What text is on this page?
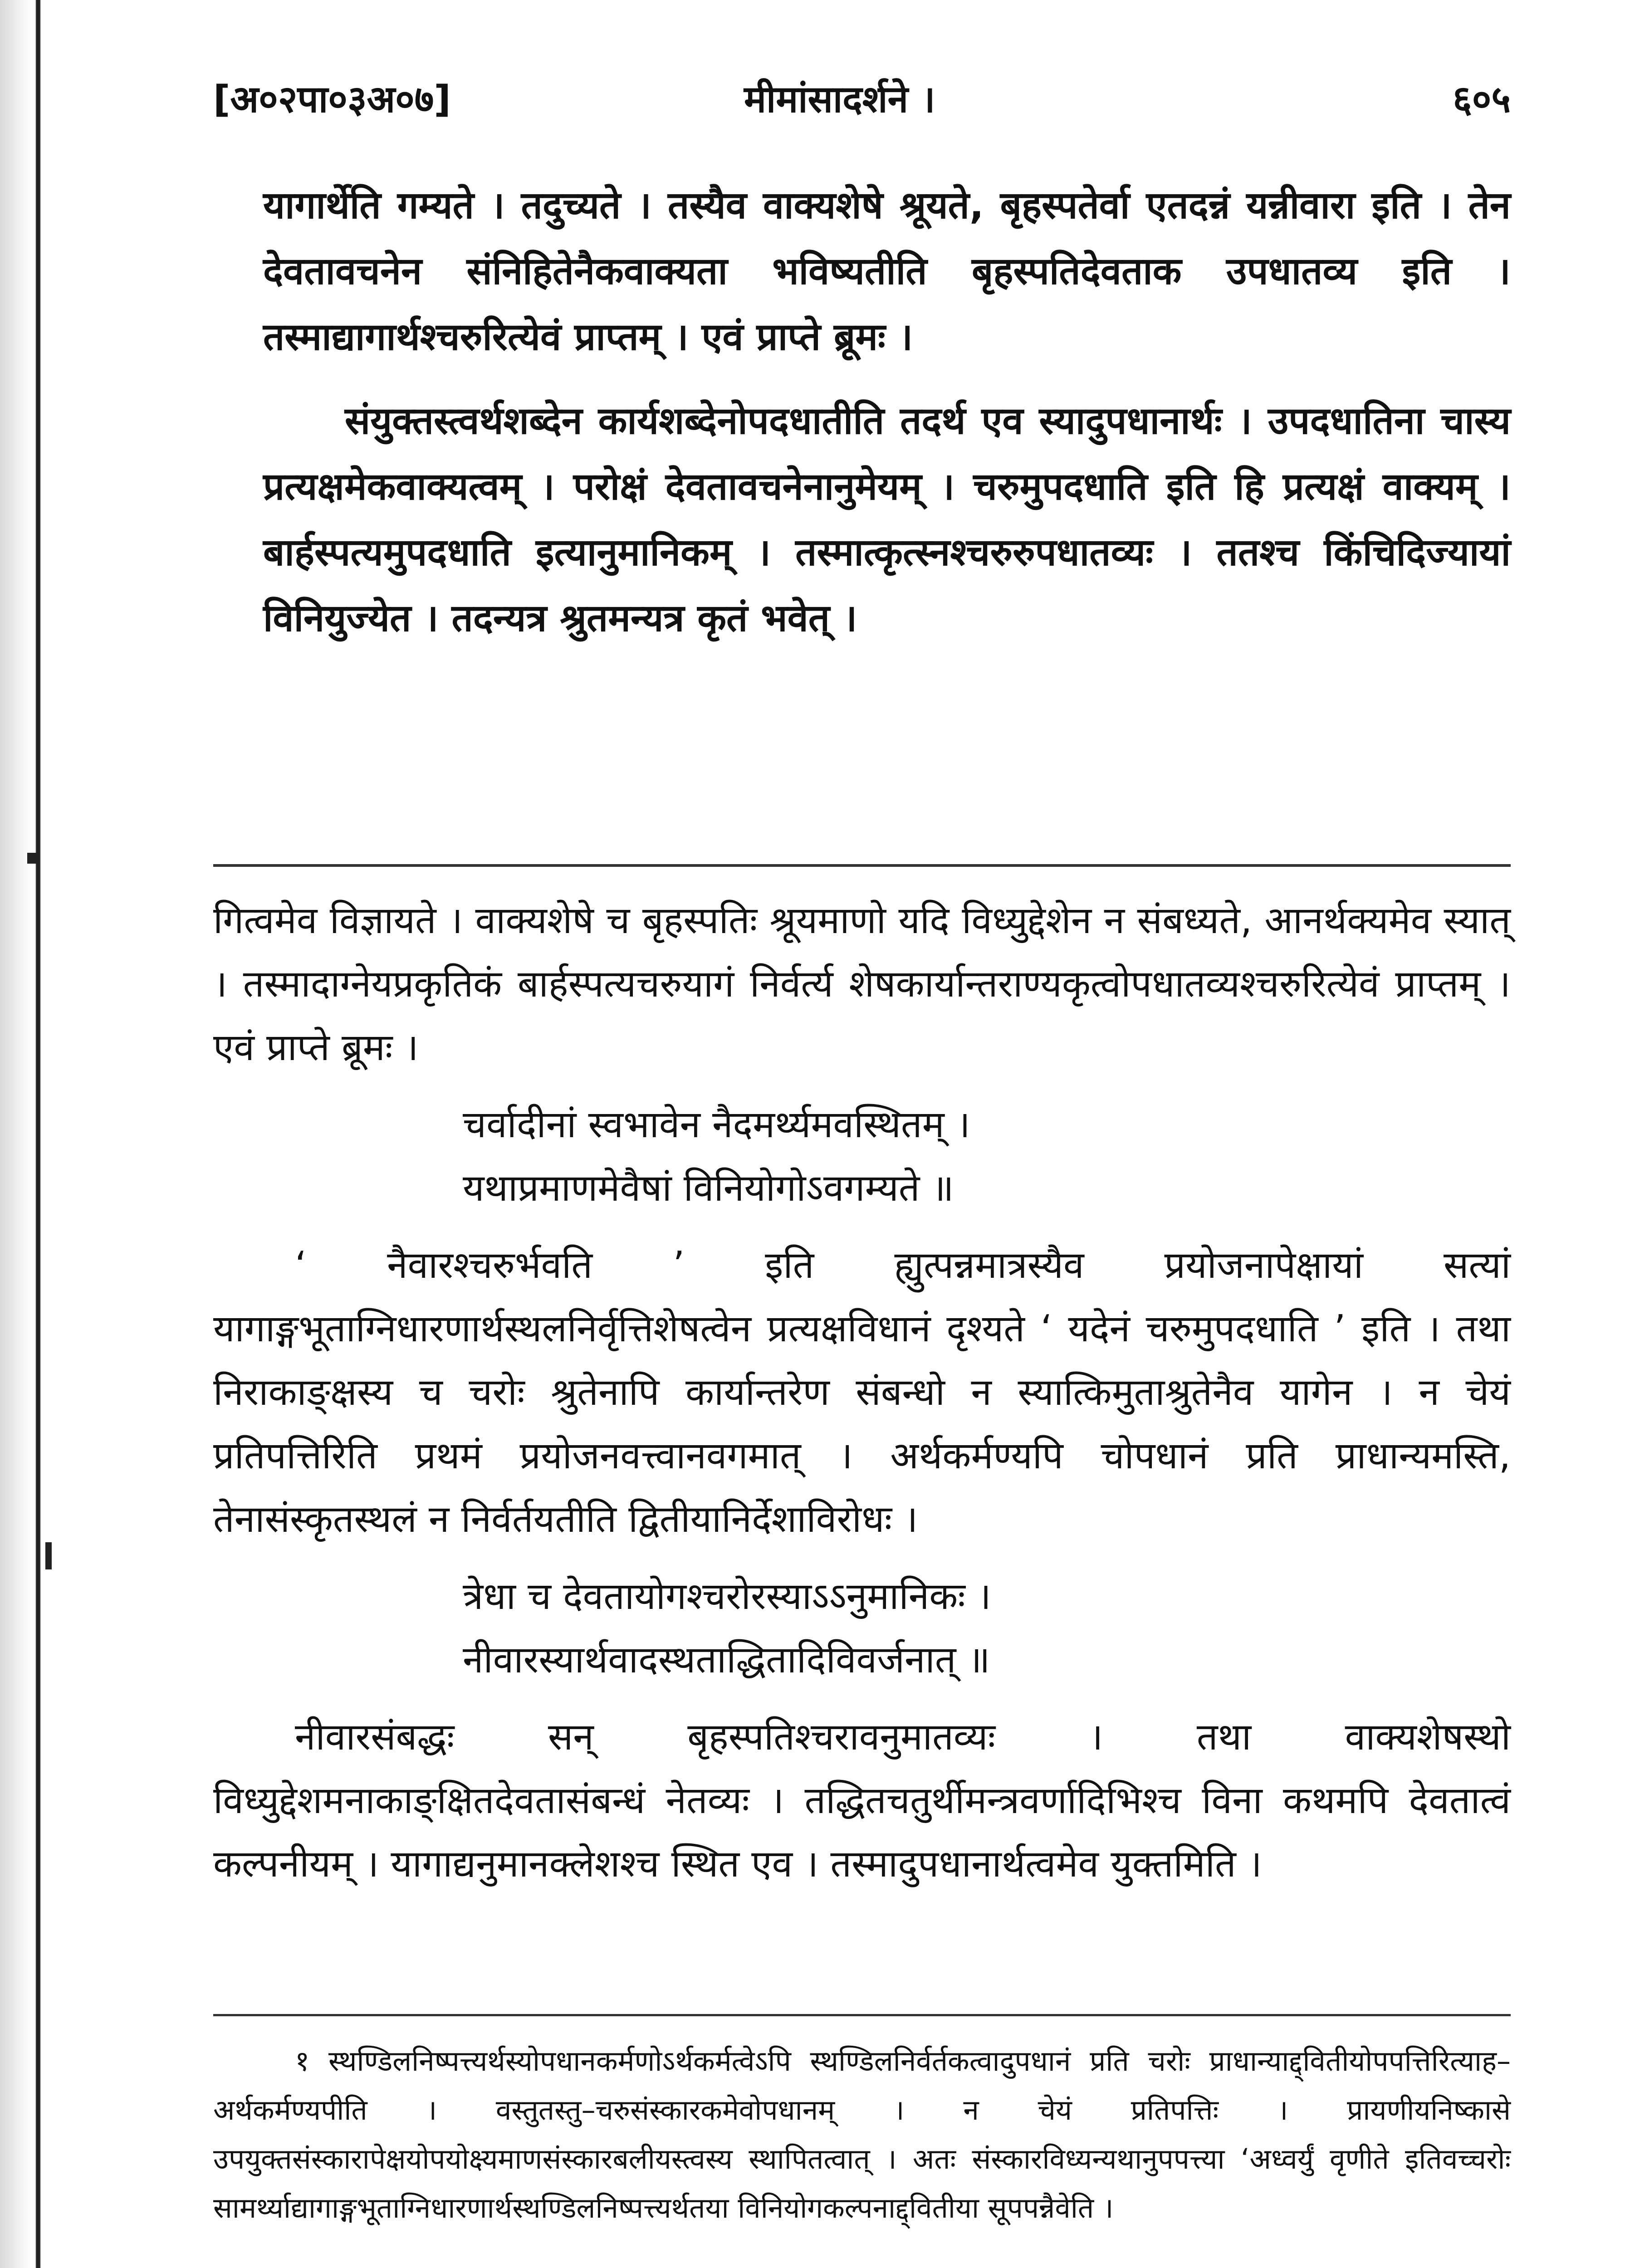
[अ०२पा०३अ०७]	मीमांसादर्शने ।	६०५

यागार्थेति गम्यते । तदुच्यते । तस्यैव वाक्यशेषे श्रूयते, बृहस्पतेर्वा एतदन्नं यन्नीवारा इति । तेन देवतावचनेन संनिहितेनैकवाक्यता भविष्यतीति बृहस्पतिदेवताक उपधातव्य इति । तस्माद्यागार्थश्चरुरित्येवं प्राप्तम् । एवं प्राप्ते ब्रूमः ।

संयुक्तस्त्वर्थशब्देन कार्यशब्देनोपदधातीति तदर्थ एव स्यादुपधानार्थः । उपदधातिना चास्य प्रत्यक्षमेकवाक्यत्वम् । परोक्षं देवतावचनेनानुमेयम् । चरुमुपदधाति इति हि प्रत्यक्षं वाक्यम् । बार्हस्पत्यमुपदधाति इत्यानुमानिकम् । तस्मात्कृत्स्नश्चरुरुपधातव्यः । ततश्च किंचिदिज्यायां विनियुज्येत । तदन्यत्र श्रुतमन्यत्र कृतं भवेत् ।

गित्वमेव विज्ञायते । वाक्यशेषे च बृहस्पतिः श्रूयमाणो यदि विध्युद्देशेन न संबध्यते, आनर्थक्यमेव स्यात् । तस्मादाग्नेयप्रकृतिकं बार्हस्पत्यचरुयागं निर्वर्त्य शेषकार्यान्तराण्यकृत्वोपधातव्यश्चरुरित्येवं प्राप्तम् । एवं प्राप्ते ब्रूमः ।

चर्वादीनां स्वभावेन नैदमर्थ्यमवस्थितम् ।

यथाप्रमाणमेवैषां विनियोगोऽवगम्यते ॥

‘ नैवारश्चरुर्भवति ’ इति ह्युत्पन्नमात्रस्यैव प्रयोजनापेक्षायां सत्यां यागाङ्गभूताग्निधारणार्थस्थलनिर्वृत्तिशेषत्वेन प्रत्यक्षविधानं दृश्यते ‘ यदेनं चरुमुपदधाति ’ इति । तथा निराकाङ्क्षस्य च चरोः श्रुतेनापि कार्यान्तरेण संबन्धो न स्यात्किमुताश्रुतेनैव यागेन । न चेयं प्रतिपत्तिरिति प्रथमं प्रयोजनवत्त्वानवगमात् । अर्थकर्मण्यपि चोपधानं प्रति प्राधान्यमस्ति, तेनासंस्कृतस्थलं न निर्वर्तयतीति द्वितीयानिर्देशाविरोधः ।

त्रेधा च देवतायोगश्चरोरस्याऽऽनुमानिकः ।

नीवारस्यार्थवादस्थताद्धितादिविवर्जनात् ॥

नीवारसंबद्धः सन् बृहस्पतिश्चरावनुमातव्यः । तथा वाक्यशेषस्थो विध्युद्देशमनाकाङ्क्षितदेवतासंबन्धं नेतव्यः । तद्धितचतुर्थीमन्त्रवर्णादिभिश्च विना कथमपि देवतात्वं कल्पनीयम् । यागाद्यनुमानक्लेशश्च स्थित एव । तस्मादुपधानार्थत्वमेव युक्तमिति ।

१ स्थण्डिलनिष्पत्त्यर्थस्योपधानकर्मणोऽर्थकर्मत्वेऽपि स्थण्डिलनिर्वर्तकत्वादुपधानं प्रति चरोः प्राधान्याद्द्वितीयोपपत्तिरित्याह–अर्थकर्मण्यपीति । वस्तुतस्तु–चरुसंस्कारकमेवोपधानम् । न चेयं प्रतिपत्तिः । प्रायणीयनिष्कासे उपयुक्तसंस्कारापेक्षयोपयोक्ष्यमाणसंस्कारबलीयस्त्वस्य स्थापितत्वात् । अतः संस्कारविध्यन्यथानुपपत्त्या ‘अध्वर्युं वृणीते इतिवच्चरोः सामर्थ्याद्यागाङ्गभूताग्निधारणार्थस्थण्डिलनिष्पत्त्यर्थतया विनियोगकल्पनाद्द्वितीया सूपपन्नैवेति ।
